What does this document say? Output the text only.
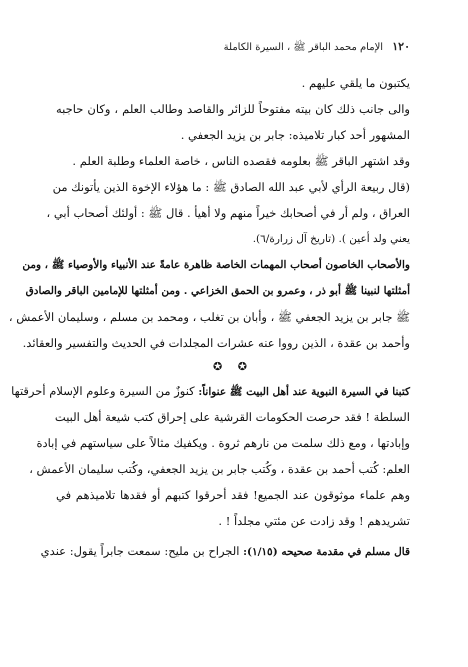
١٢٠ الإمام محمد الباقر ﷺ ، السيرة الكاملة
يكتبون ما يلقي عليهم .
والى جانب ذلك كان بيته مفتوحاً للزائر والقاصد وطالب العلم ، وكان حاجبه
المشهور أحد كبار تلاميذه: جابر بن يزيد الجعفي .
وقد اشتهر الباقر ﷺ بعلومه فقصده الناس ، خاصة العلماء وطلبة العلم .
(قال ربيعة الرأي لأبي عبد الله الصادق ﷺ : ما هؤلاء الإخوة الذين يأتونك من
العراق ، ولم أر في أصحابك خيراً منهم ولا أهيأ . قال ﷺ : أولئك أصحاب أبي ،
يعني ولد أعين ). (تاريخ آل زرارة/٦).
والأصحاب الخاصون أصحاب المهمات الخاصة ظاهرة عامةً عند الأنبياء والأوصياء ﷺ ، ومن
أمثلتها لنبينا ﷺ أبو ذر ، وعمرو بن الحمق الخزاعي . ومن أمثلتها للإمامين الباقر والصادق
ﷺ جابر بن يزيد الجعفي ﷺ ، وأبان بن تغلب ، ومحمد بن مسلم ، وسليمان الأعمش ،
وأحمد بن عقدة ، الذين رووا عنه عشرات المجلدات في الحديث والتفسير والعقائد.
✪ ✪
كتبنا في السيرة النبوية عند أهل البيت ﷺ عنواناً: كنوزٌ من السيرة وعلوم الإسلام أحرقتها
السلطة ! فقد حرصت الحكومات القرشية على إحراق كتب شيعة أهل البيت
وإبادتها ، ومع ذلك سلمت من نارهم ثروة . ويكفيك مثالاً على سياستهم في إبادة
العلم: كُتب أحمد بن عقدة ، وكُتب جابر بن يزيد الجعفي، وكُتب سليمان الأعمش ،
وهم علماء موثوقون عند الجميع! فقد أحرقوا كتبهم أو فقدها تلاميذهم في
تشريدهم ! وقد زادت عن مئتي مجلداً ! .
قال مسلم في مقدمة صحيحه (١/١٥): الجراح بن مليح: سمعت جابراً يقول: عندي
